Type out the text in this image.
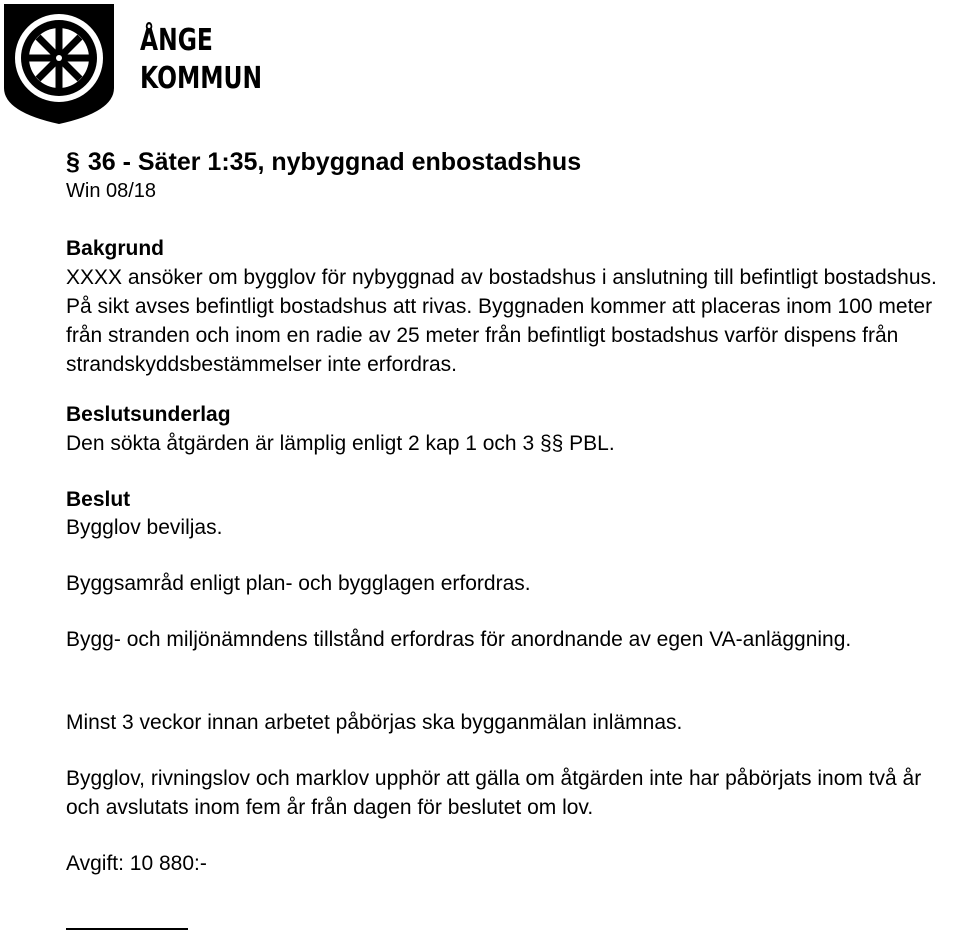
ÅNGE
KOMMUN
§ 36 - Säter 1:35, nybyggnad enbostadshus
Win 08/18
Bakgrund
XXXX ansöker om bygglov för nybyggnad av bostadshus i anslutning till befintligt bostadshus. På sikt avses befintligt bostadshus att rivas. Byggnaden kommer att placeras inom 100 meter från stranden och inom en radie av 25 meter från befintligt bostadshus varför dispens från strandskyddsbestämmelser inte erfordras.
Beslutsunderlag
Den sökta åtgärden är lämplig enligt 2 kap 1 och 3 §§ PBL.
Beslut
Bygglov beviljas.
Byggsamråd enligt plan- och bygglagen erfordras.
Bygg- och miljönämndens tillstånd erfordras för anordnande av egen VA-anläggning.
Minst 3 veckor innan arbetet påbörjas ska bygganmälan inlämnas.
Bygglov, rivningslov och marklov upphör att gälla om åtgärden inte har påbörjats inom två år och avslutats inom fem år från dagen för beslutet om lov.
Avgift: 10 880:-
